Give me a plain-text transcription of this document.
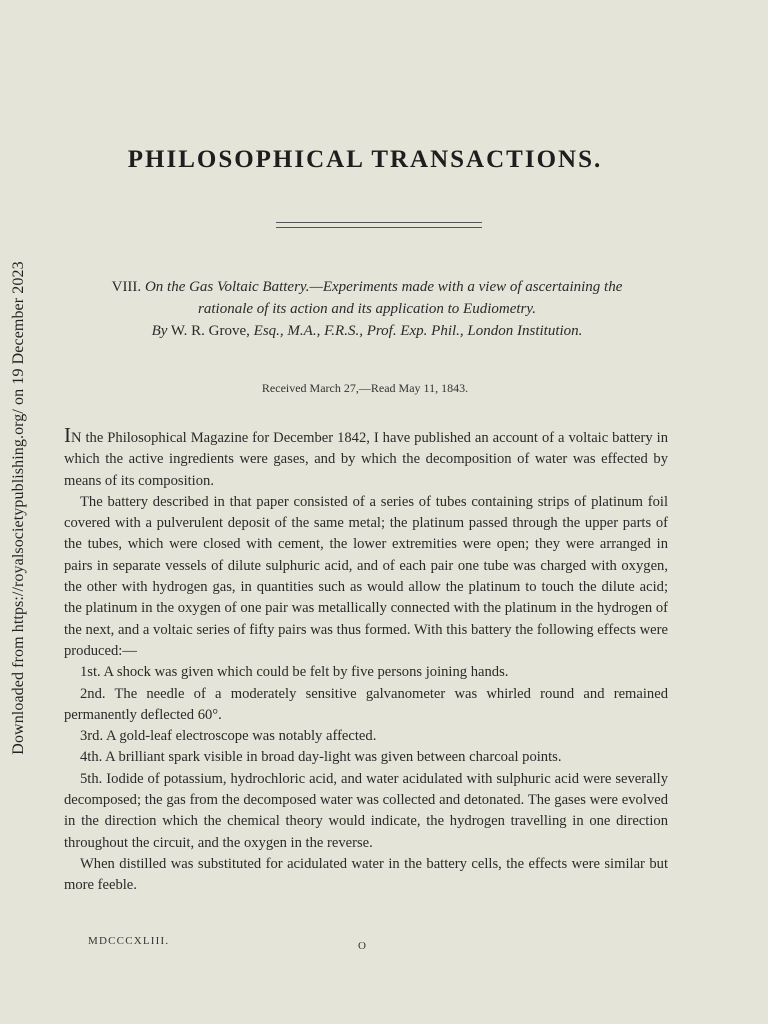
Downloaded from https://royalsocietypublishing.org/ on 19 December 2023
PHILOSOPHICAL TRANSACTIONS.
VIII. On the Gas Voltaic Battery.—Experiments made with a view of ascertaining the
rationale of its action and its application to Eudiometry.
By W. R. Grove, Esq., M.A., F.R.S., Prof. Exp. Phil., London Institution.
Received March 27,—Read May 11, 1843.

IN the Philosophical Magazine for December 1842, I have published an account of a voltaic battery in which the active ingredients were gases, and by which the decomposition of water was effected by means of its composition.

The battery described in that paper consisted of a series of tubes containing strips of platinum foil covered with a pulverulent deposit of the same metal; the platinum passed through the upper parts of the tubes, which were closed with cement, the lower extremities were open; they were arranged in pairs in separate vessels of dilute sulphuric acid, and of each pair one tube was charged with oxygen, the other with hydrogen gas, in quantities such as would allow the platinum to touch the dilute acid; the platinum in the oxygen of one pair was metallically connected with the platinum in the hydrogen of the next, and a voltaic series of fifty pairs was thus formed. With this battery the following effects were produced:—

1st. A shock was given which could be felt by five persons joining hands.

2nd. The needle of a moderately sensitive galvanometer was whirled round and remained permanently deflected 60°.

3rd. A gold-leaf electroscope was notably affected.

4th. A brilliant spark visible in broad day-light was given between charcoal points.

5th. Iodide of potassium, hydrochloric acid, and water acidulated with sulphuric acid were severally decomposed; the gas from the decomposed water was collected and detonated. The gases were evolved in the direction which the chemical theory would indicate, the hydrogen travelling in one direction throughout the circuit, and the oxygen in the reverse.

When distilled was substituted for acidulated water in the battery cells, the effects were similar but more feeble.

MDCCCXLIII.	O
